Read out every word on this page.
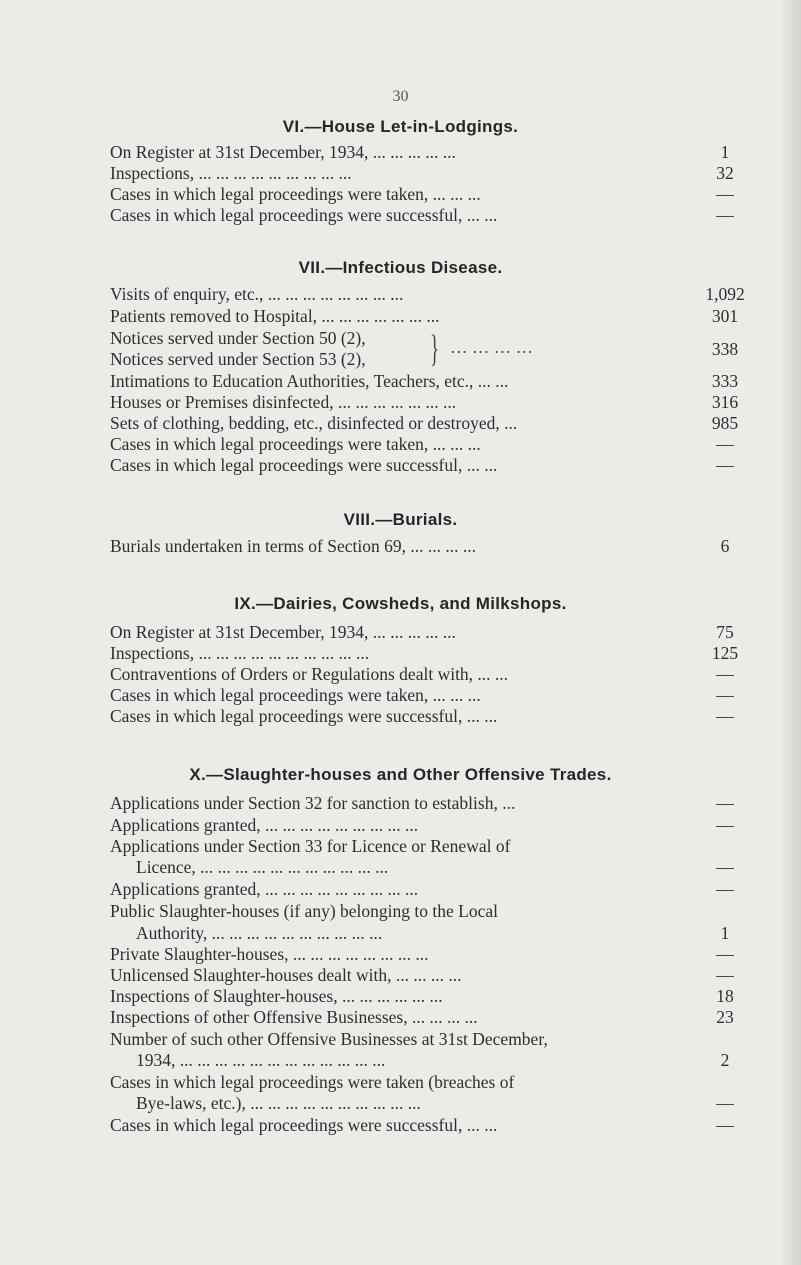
30
VI.—House Let-in-Lodgings.
On Register at 31st December, 1934, ... ... ... ... ...	1
Inspections, ... ... ... ... ... ... ... ... ...	32
Cases in which legal proceedings were taken, ... ... ...	—
Cases in which legal proceedings were successful, ... ...	—
VII.—Infectious Disease.
Visits of enquiry, etc., ... ... ... ... ... ... ... ...	1,092
Patients removed to Hospital, ... ... ... ... ... ... ...	301
Notices served under Section 50 (2),
Notices served under Section 53 (2), } ··· ··· ··· ···	338
Intimations to Education Authorities, Teachers, etc., ... ...	333
Houses or Premises disinfected, ... ... ... ... ... ... ...	316
Sets of clothing, bedding, etc., disinfected or destroyed, ...	985
Cases in which legal proceedings were taken, ... ... ...	—
Cases in which legal proceedings were successful, ... ...	—
VIII.—Burials.
Burials undertaken in terms of Section 69, ... ... ... ...	6
IX.—Dairies, Cowsheds, and Milkshops.
On Register at 31st December, 1934, ... ... ... ... ...	75
Inspections, ... ... ... ... ... ... ... ... ... ...	125
Contraventions of Orders or Regulations dealt with, ... ...	—
Cases in which legal proceedings were taken, ... ... ...	—
Cases in which legal proceedings were successful, ... ...	—
X.—Slaughter-houses and Other Offensive Trades.
Applications under Section 32 for sanction to establish, ...	—
Applications granted, ... ... ... ... ... ... ... ... ...	—
Applications under Section 33 for Licence or Renewal of
Licence, ... ... ... ... ... ... ... ... ... ... ...	—
Applications granted, ... ... ... ... ... ... ... ... ...	—
Public Slaughter-houses (if any) belonging to the Local
Authority, ... ... ... ... ... ... ... ... ... ...	1
Private Slaughter-houses, ... ... ... ... ... ... ... ...	—
Unlicensed Slaughter-houses dealt with, ... ... ... ...	—
Inspections of Slaughter-houses, ... ... ... ... ... ...	18
Inspections of other Offensive Businesses, ... ... ... ...	23
Number of such other Offensive Businesses at 31st December,
1934, ... ... ... ... ... ... ... ... ... ... ... ...	2
Cases in which legal proceedings were taken (breaches of
Bye-laws, etc.), ... ... ... ... ... ... ... ... ... ...	—
Cases in which legal proceedings were successful, ... ...	—
